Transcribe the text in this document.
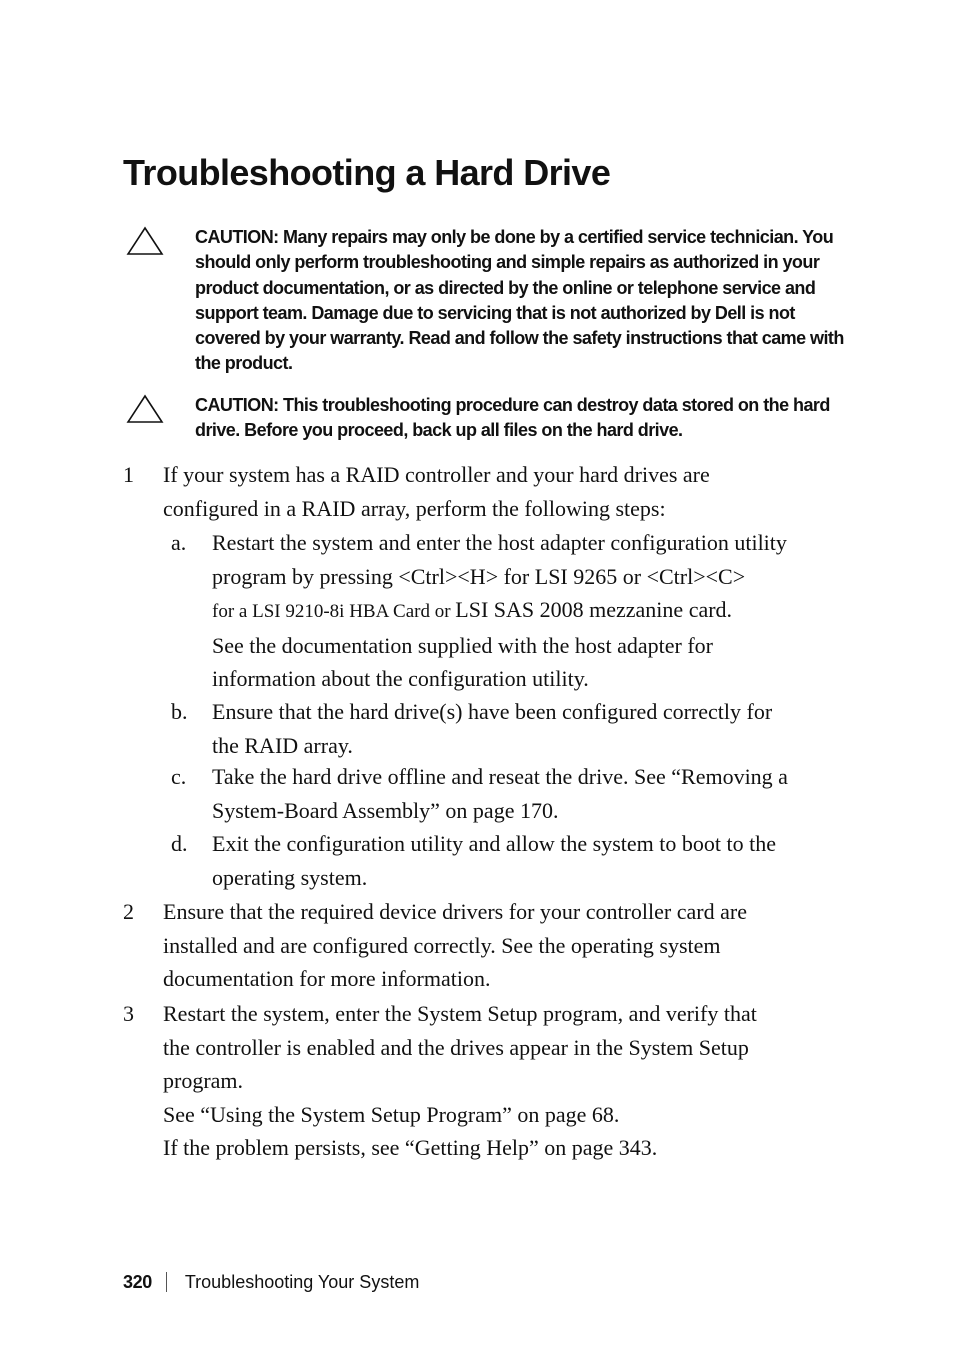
Troubleshooting a Hard Drive
CAUTION: Many repairs may only be done by a certified service technician. You
should only perform troubleshooting and simple repairs as authorized in your
product documentation, or as directed by the online or telephone service and
support team. Damage due to servicing that is not authorized by Dell is not
covered by your warranty. Read and follow the safety instructions that came with
the product.
CAUTION: This troubleshooting procedure can destroy data stored on the hard
drive. Before you proceed, back up all files on the hard drive.
1 If your system has a RAID controller and your hard drives are
configured in a RAID array, perform the following steps:
a. Restart the system and enter the host adapter configuration utility
program by pressing <Ctrl><H> for LSI 9265 or <Ctrl><C>
for a LSI 9210-8i HBA Card or LSI SAS 2008 mezzanine card.
See the documentation supplied with the host adapter for
information about the configuration utility.
b. Ensure that the hard drive(s) have been configured correctly for
the RAID array.
c. Take the hard drive offline and reseat the drive. See “Removing a
System-Board Assembly” on page 170.
d. Exit the configuration utility and allow the system to boot to the
operating system.
2 Ensure that the required device drivers for your controller card are
installed and are configured correctly. See the operating system
documentation for more information.
3 Restart the system, enter the System Setup program, and verify that
the controller is enabled and the drives appear in the System Setup
program.
See “Using the System Setup Program” on page 68.
If the problem persists, see “Getting Help” on page 343.
320 Troubleshooting Your System
